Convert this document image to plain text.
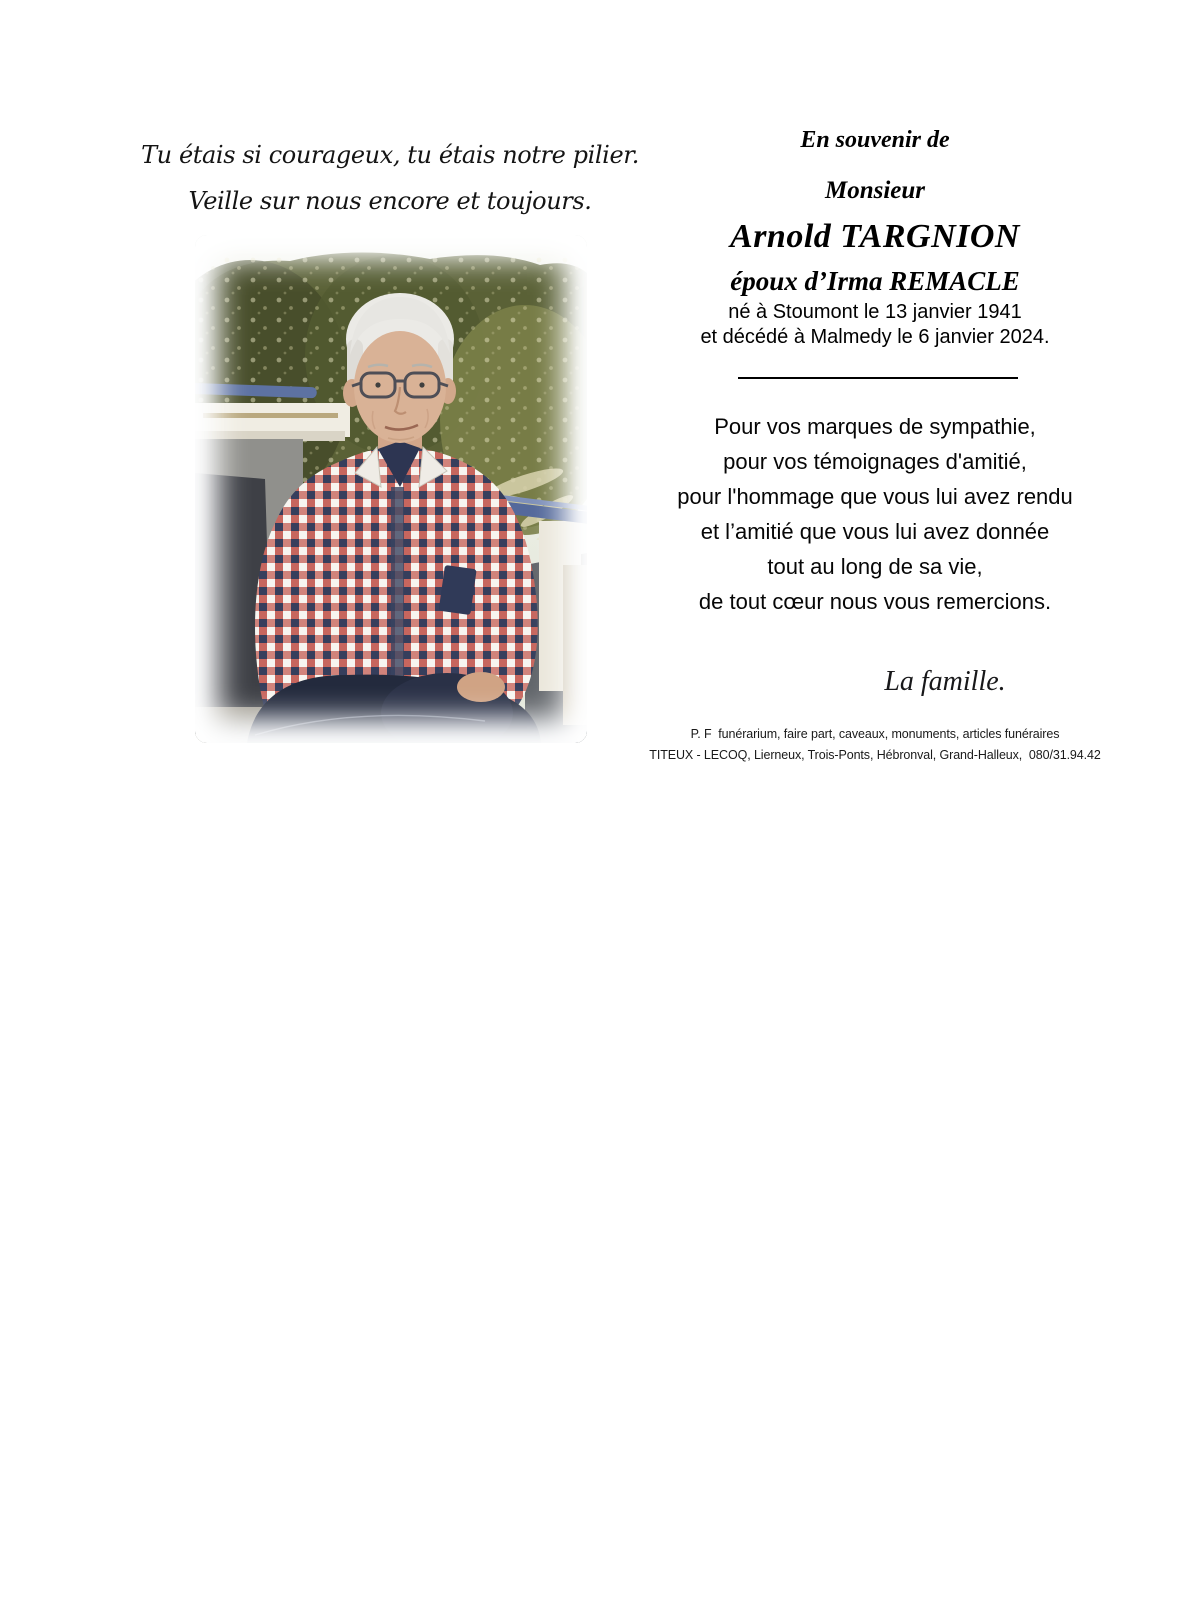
Tu étais si courageux, tu étais notre pilier.
Veille sur nous encore et toujours.
En souvenir de
Monsieur
Arnold TARGNION
époux d’Irma REMACLE
né à Stoumont le 13 janvier 1941
et décédé à Malmedy le 6 janvier 2024.
Pour vos marques de sympathie,
pour vos témoignages d'amitié,
pour l'hommage que vous lui avez rendu
et l’amitié que vous lui avez donnée
tout au long de sa vie,
de tout cœur nous vous remercions.
La famille.
P. F  funérarium, faire part, caveaux, monuments, articles funéraires
TITEUX - LECOQ, Lierneux, Trois-Ponts, Hébronval, Grand-Halleux,  080/31.94.42
